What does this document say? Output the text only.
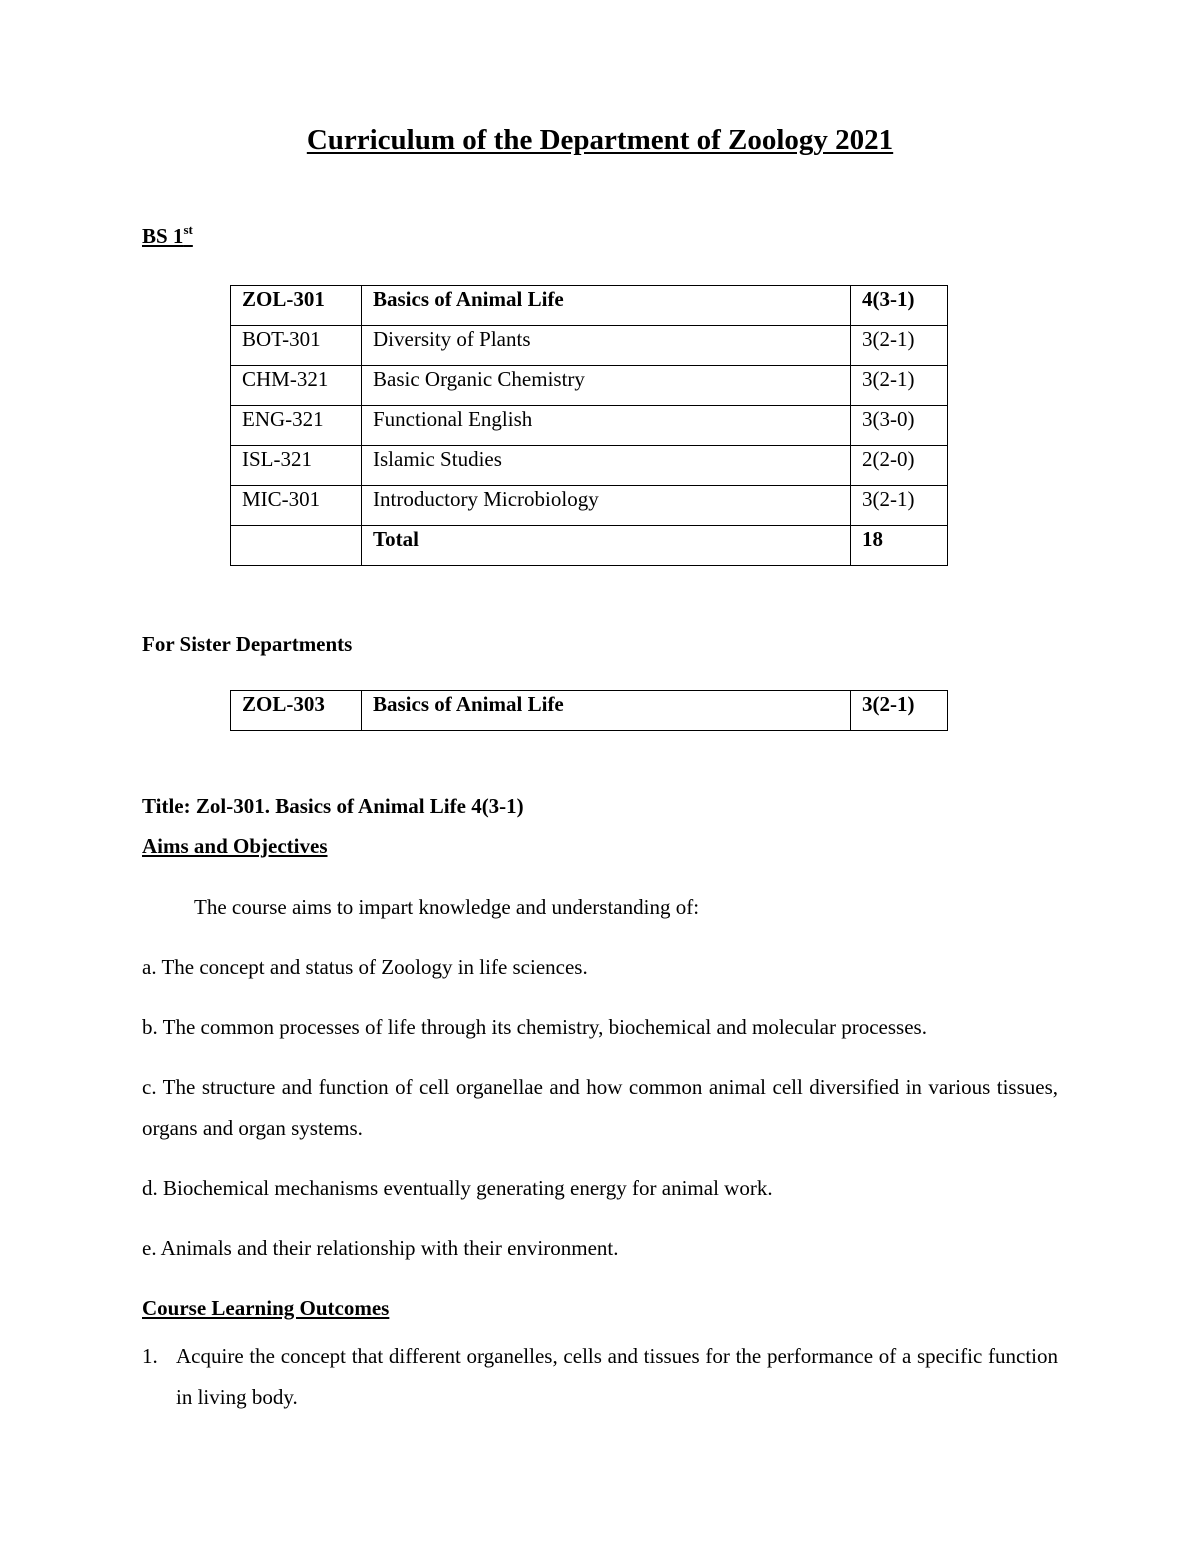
Curriculum of the Department of Zoology 2021
BS 1st
ZOL-301	Basics of Animal Life	4(3-1)
BOT-301	Diversity of Plants	3(2-1)
CHM-321	Basic Organic Chemistry	3(2-1)
ENG-321	Functional English	3(3-0)
ISL-321	Islamic Studies	2(2-0)
MIC-301	Introductory Microbiology	3(2-1)
	Total	18
For Sister Departments
ZOL-303	Basics of Animal Life	3(2-1)
Title: Zol-301. Basics of Animal Life 4(3-1)
Aims and Objectives
The course aims to impart knowledge and understanding of:
a. The concept and status of Zoology in life sciences.
b. The common processes of life through its chemistry, biochemical and molecular processes.
c. The structure and function of cell organellae and how common animal cell diversified in various tissues, organs and organ systems.
d. Biochemical mechanisms eventually generating energy for animal work.
e. Animals and their relationship with their environment.
Course Learning Outcomes
1. Acquire the concept that different organelles, cells and tissues for the performance of a specific function in living body.
